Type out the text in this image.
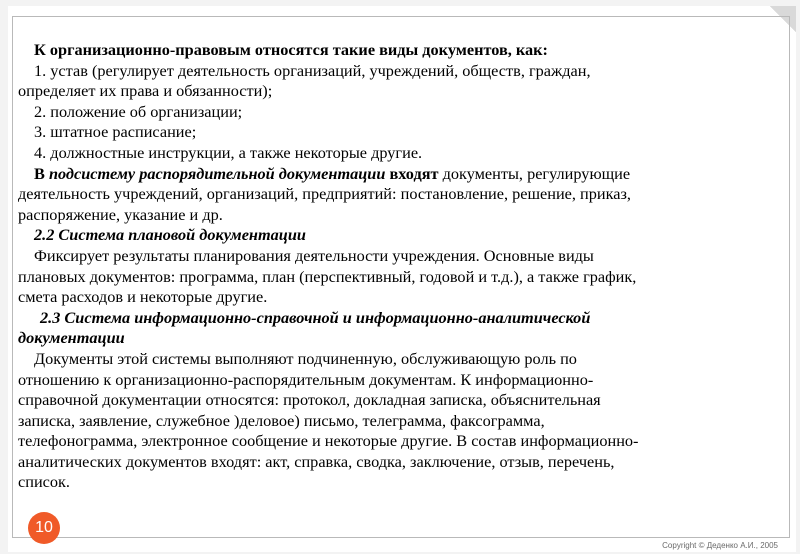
К организационно-правовым относятся такие виды документов, как:

1. устав (регулирует деятельность организаций, учреждений, обществ, граждан,

определяет их права и обязанности);

2. положение об организации;

3. штатное расписание;

4. должностные инструкции, а также некоторые другие.

В подсистему распорядительной документации входят документы, регулирующие

деятельность учреждений, организаций, предприятий: постановление, решение, приказ,

распоряжение, указание и др.

2.2 Система плановой документации

Фиксирует результаты планирования деятельности учреждения. Основные виды

плановых документов: программа, план (перспективный, годовой и т.д.), а также график,

смета расходов и некоторые другие.

2.3 Система информационно-справочной и информационно-аналитической

документации

Документы этой системы выполняют подчиненную, обслуживающую роль по

отношению к организационно-распорядительным документам. К информационно-

справочной документации относятся: протокол, докладная записка, объяснительная

записка, заявление, служебное )деловое) письмо, телеграмма, факсограмма,

телефонограмма, электронное сообщение и некоторые другие. В состав информационно-

аналитических документов входят: акт, справка, сводка, заключение, отзыв, перечень,

список.

10
Copyright © Деденко А.И., 2005
